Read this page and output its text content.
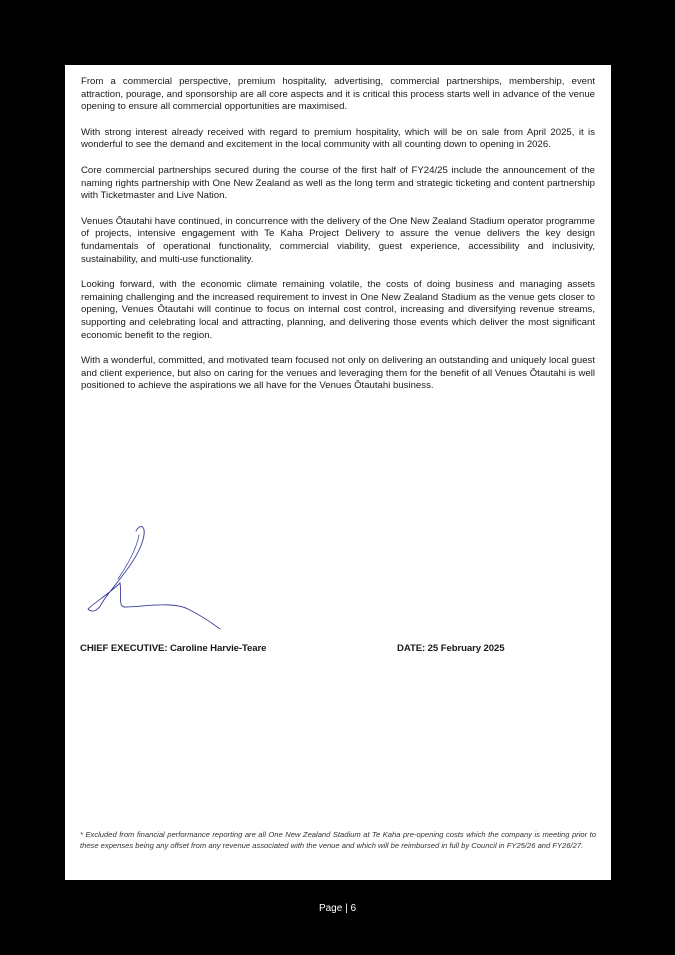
From a commercial perspective, premium hospitality, advertising, commercial partnerships, membership, event attraction, pourage, and sponsorship are all core aspects and it is critical this process starts well in advance of the venue opening to ensure all commercial opportunities are maximised.

With strong interest already received with regard to premium hospitality, which will be on sale from April 2025, it is wonderful to see the demand and excitement in the local community with all counting down to opening in 2026.

Core commercial partnerships secured during the course of the first half of FY24/25 include the announcement of the naming rights partnership with One New Zealand as well as the long term and strategic ticketing and content partnership with Ticketmaster and Live Nation.

Venues Ōtautahi have continued, in concurrence with the delivery of the One New Zealand Stadium operator programme of projects, intensive engagement with Te Kaha Project Delivery to assure the venue delivers the key design fundamentals of operational functionality, commercial viability, guest experience, accessibility and inclusivity, sustainability, and multi-use functionality.

Looking forward, with the economic climate remaining volatile, the costs of doing business and managing assets remaining challenging and the increased requirement to invest in One New Zealand Stadium as the venue gets closer to opening, Venues Ōtautahi will continue to focus on internal cost control, increasing and diversifying revenue streams, supporting and celebrating local and attracting, planning, and delivering those events which deliver the most significant economic benefit to the region.

With a wonderful, committed, and motivated team focused not only on delivering an outstanding and uniquely local guest and client experience, but also on caring for the venues and leveraging them for the benefit of all Venues Ōtautahi is well positioned to achieve the aspirations we all have for the Venues Ōtautahi business.

CHIEF EXECUTIVE: Caroline Harvie-Teare	DATE: 25 February 2025
* Excluded from financial performance reporting are all One New Zealand Stadium at Te Kaha pre-opening costs which the company is meeting prior to these expenses being any offset from any revenue associated with the venue and which will be reimbursed in full by Council in FY25/26 and FY26/27.
Page | 6
